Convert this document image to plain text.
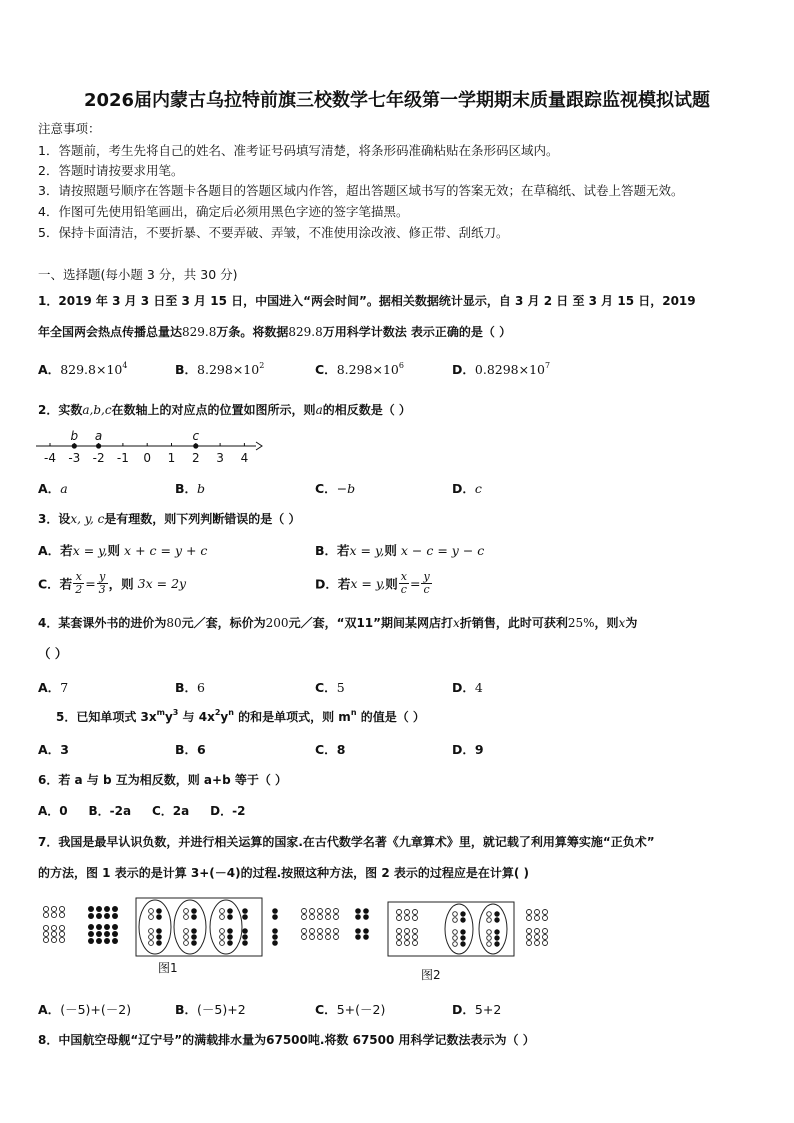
2026届内蒙古乌拉特前旗三校数学七年级第一学期期末质量跟踪监视模拟试题
注意事项：
1．答题前，考生先将自己的姓名、准考证号码填写清楚，将条形码准确粘贴在条形码区域内。
2．答题时请按要求用笔。
3．请按照题号顺序在答题卡各题目的答题区域内作答，超出答题区域书写的答案无效；在草稿纸、试卷上答题无效。
4．作图可先使用铅笔画出，确定后必须用黑色字迹的签字笔描黑。
5．保持卡面清洁，不要折暴、不要弄破、弄皱，不准使用涂改液、修正带、刮纸刀。
一、选择题(每小题 3 分，共 30 分)
1．2019 年 3 月 3 日至 3 月 15 日，中国进入“两会时间”。据相关数据统计显示，自 3 月 2 日 至 3 月 15 日，2019
年全国两会热点传播总量达829.8万条。将数据829.8万用科学计数法 表示正确的是（ ）
A．$829.8\times 10^4$	B．$8.298\times 10^2$	C．$8.298\times 10^6$	D．$0.8298\times 10^7$
2．实数a,b,c在数轴上的对应点的位置如图所示，则a的相反数是（ ）
-4 -3 -2 -1 0 1 2 3 4
b a	c
A．a	B．b	C．−b	D．c
3．设x, y, c是有理数，则下列判断错误的是（ ）
A．若x = y,则 x + c = y + c	B．若x = y,则 x − c = y − c
C．若 $\frac{x}{2} = \frac{y}{3}$ ，则 3x = 2y	D．若x = y,则 $\frac{x}{c} = \frac{y}{c}$
4．某套课外书的进价为80元／套，标价为200元／套，“双11”期间某网店打x折销售，此时可获利25%，则x为
（ ）
A．7	B．6	C．5	D．4
5．已知单项式 $3x^my^3$ 与 $4x^2y^n$ 的和是单项式，则 $m^n$ 的值是（ ）
A．3	B．6	C．8	D．9
6．若 a 与 b 互为相反数，则 a+b 等于（ ）
A．0     B．-2a     C．2a     D．-2
7．我国是最早认识负数，并进行相关运算的国家.在古代数学名著《九章算术》里，就记载了利用算筹实施“正负术”
的方法，图 1 表示的是计算 3+(－4)的过程.按照这种方法，图 2 表示的过程应是在计算( )
图1	图2
A．(－5)+(－2)	B．(－5)+2	C．5+(－2)	D．5+2
8．中国航空母舰“辽宁号”的满载排水量为67500吨.将数 67500 用科学记数法表示为（ ）
